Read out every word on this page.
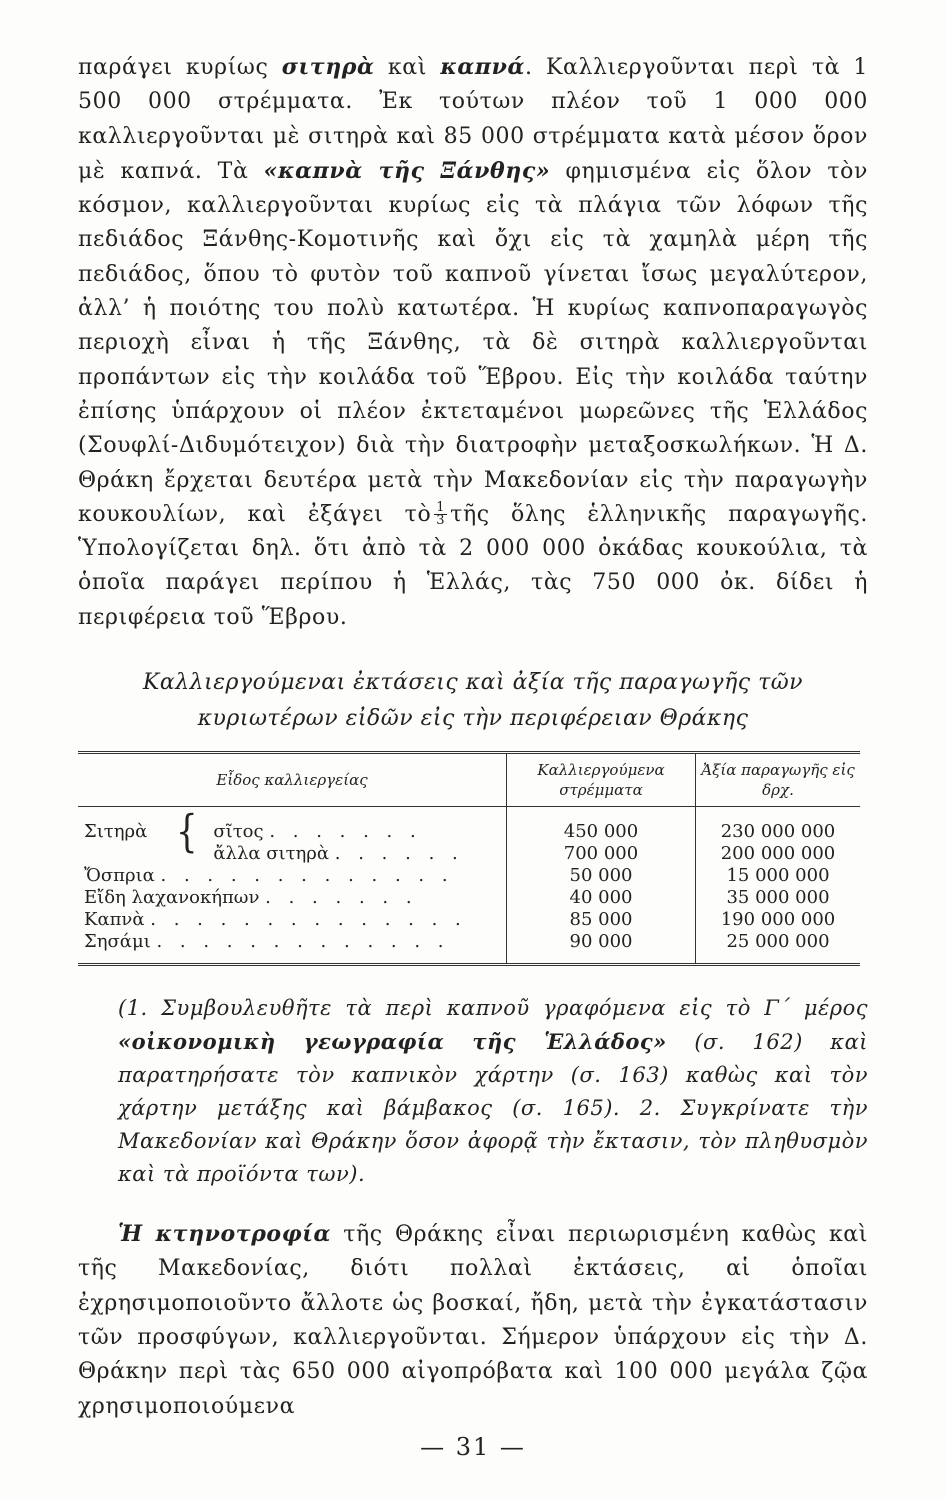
παράγει κυρίως σιτηρὰ καὶ καπνά. Καλλιεργοῦνται περὶ τὰ 1 500 000 στρέμματα. Ἐκ τούτων πλέον τοῦ 1 000 000 καλλιεργοῦνται μὲ σιτηρὰ καὶ 85 000 στρέμματα κατὰ μέσον ὅρον μὲ καπνά. Τὰ «καπνὰ τῆς Ξάνθης» φημισμένα εἰς ὅλον τὸν κόσμον, καλλιεργοῦνται κυρίως εἰς τὰ πλάγια τῶν λόφων τῆς πεδιάδος Ξάνθης-Κομοτινῆς καὶ ὄχι εἰς τὰ χαμηλὰ μέρη τῆς πεδιάδος, ὅπου τὸ φυτὸν τοῦ καπνοῦ γίνεται ἴσως μεγαλύτερον, ἀλλ’ ἡ ποιότης του πολὺ κατωτέρα. Ἡ κυρίως καπνοπαραγωγὸς περιοχὴ εἶναι ἡ τῆς Ξάνθης, τὰ δὲ σιτηρὰ καλλιεργοῦνται προπάντων εἰς τὴν κοιλάδα τοῦ Ἕβρου. Εἰς τὴν κοιλάδα ταύτην ἐπίσης ὑπάρχουν οἱ πλέον ἐκτεταμένοι μωρεῶνες τῆς Ἑλλάδος (Σουφλί-Διδυμότειχον) διὰ τὴν διατροφὴν μεταξοσκωλήκων. Ἡ Δ. Θράκη ἔρχεται δευτέρα μετὰ τὴν Μακεδονίαν εἰς τὴν παραγωγὴν κουκουλίων, καὶ ἐξάγει τὸ $\frac{1}{3}$ τῆς ὅλης ἑλληνικῆς παραγωγῆς. Ὑπολογίζεται δηλ. ὅτι ἀπὸ τὰ 2 000 000 ὀκάδας κουκούλια, τὰ ὁποῖα παράγει περίπου ἡ Ἑλλάς, τὰς 750 000 ὀκ. δίδει ἡ περιφέρεια τοῦ Ἕβρου.

Καλλιεργούμεναι ἐκτάσεις καὶ ἀξία τῆς παραγωγῆς τῶν κυριωτέρων εἰδῶν εἰς τὴν περιφέρειαν Θράκης
Εἶδος καλλιεργείας	Καλλιεργούμενα στρέμματα	Ἀξία παραγωγῆς εἰς δρχ.
Σιτηρὰ { σῖτος . . . . . . .	450 000	230 000 000
ἄλλα σιτηρὰ . . . . . .	700 000	200 000 000
Ὄσπρια . . . . . . . . . . . . .	50 000	15 000 000
Εἴδη λαχανοκήπων . . . . . . .	40 000	35 000 000
Καπνὰ . . . . . . . . . . . . . .	85 000	190 000 000
Σησάμι . . . . . . . . . . . . .	90 000	25 000 000

(1. Συμβουλευθῆτε τὰ περὶ καπνοῦ γραφόμενα εἰς τὸ Γ΄ μέρος «οἰκονομικὴ γεωγραφία τῆς Ἑλλάδος» (σ. 162) καὶ παρατηρήσατε τὸν καπνικὸν χάρτην (σ. 163) καθὼς καὶ τὸν χάρτην μετάξης καὶ βάμβακος (σ. 165). 2. Συγκρίνατε τὴν Μακεδονίαν καὶ Θράκην ὅσον ἀφορᾷ τὴν ἔκτασιν, τὸν πληθυσμὸν καὶ τὰ προϊόντα των).

Ἡ κτηνοτροφία τῆς Θράκης εἶναι περιωρισμένη καθὼς καὶ τῆς Μακεδονίας, διότι πολλαὶ ἐκτάσεις, αἱ ὁποῖαι ἐχρησιμοποιοῦντο ἄλλοτε ὡς βοσκαί, ἤδη, μετὰ τὴν ἐγκατάστασιν τῶν προσφύγων, καλλιεργοῦνται. Σήμερον ὑπάρχουν εἰς τὴν Δ. Θράκην περὶ τὰς 650 000 αἰγοπρόβατα καὶ 100 000 μεγάλα ζῷα χρησιμοποιούμενα

— 31 —
